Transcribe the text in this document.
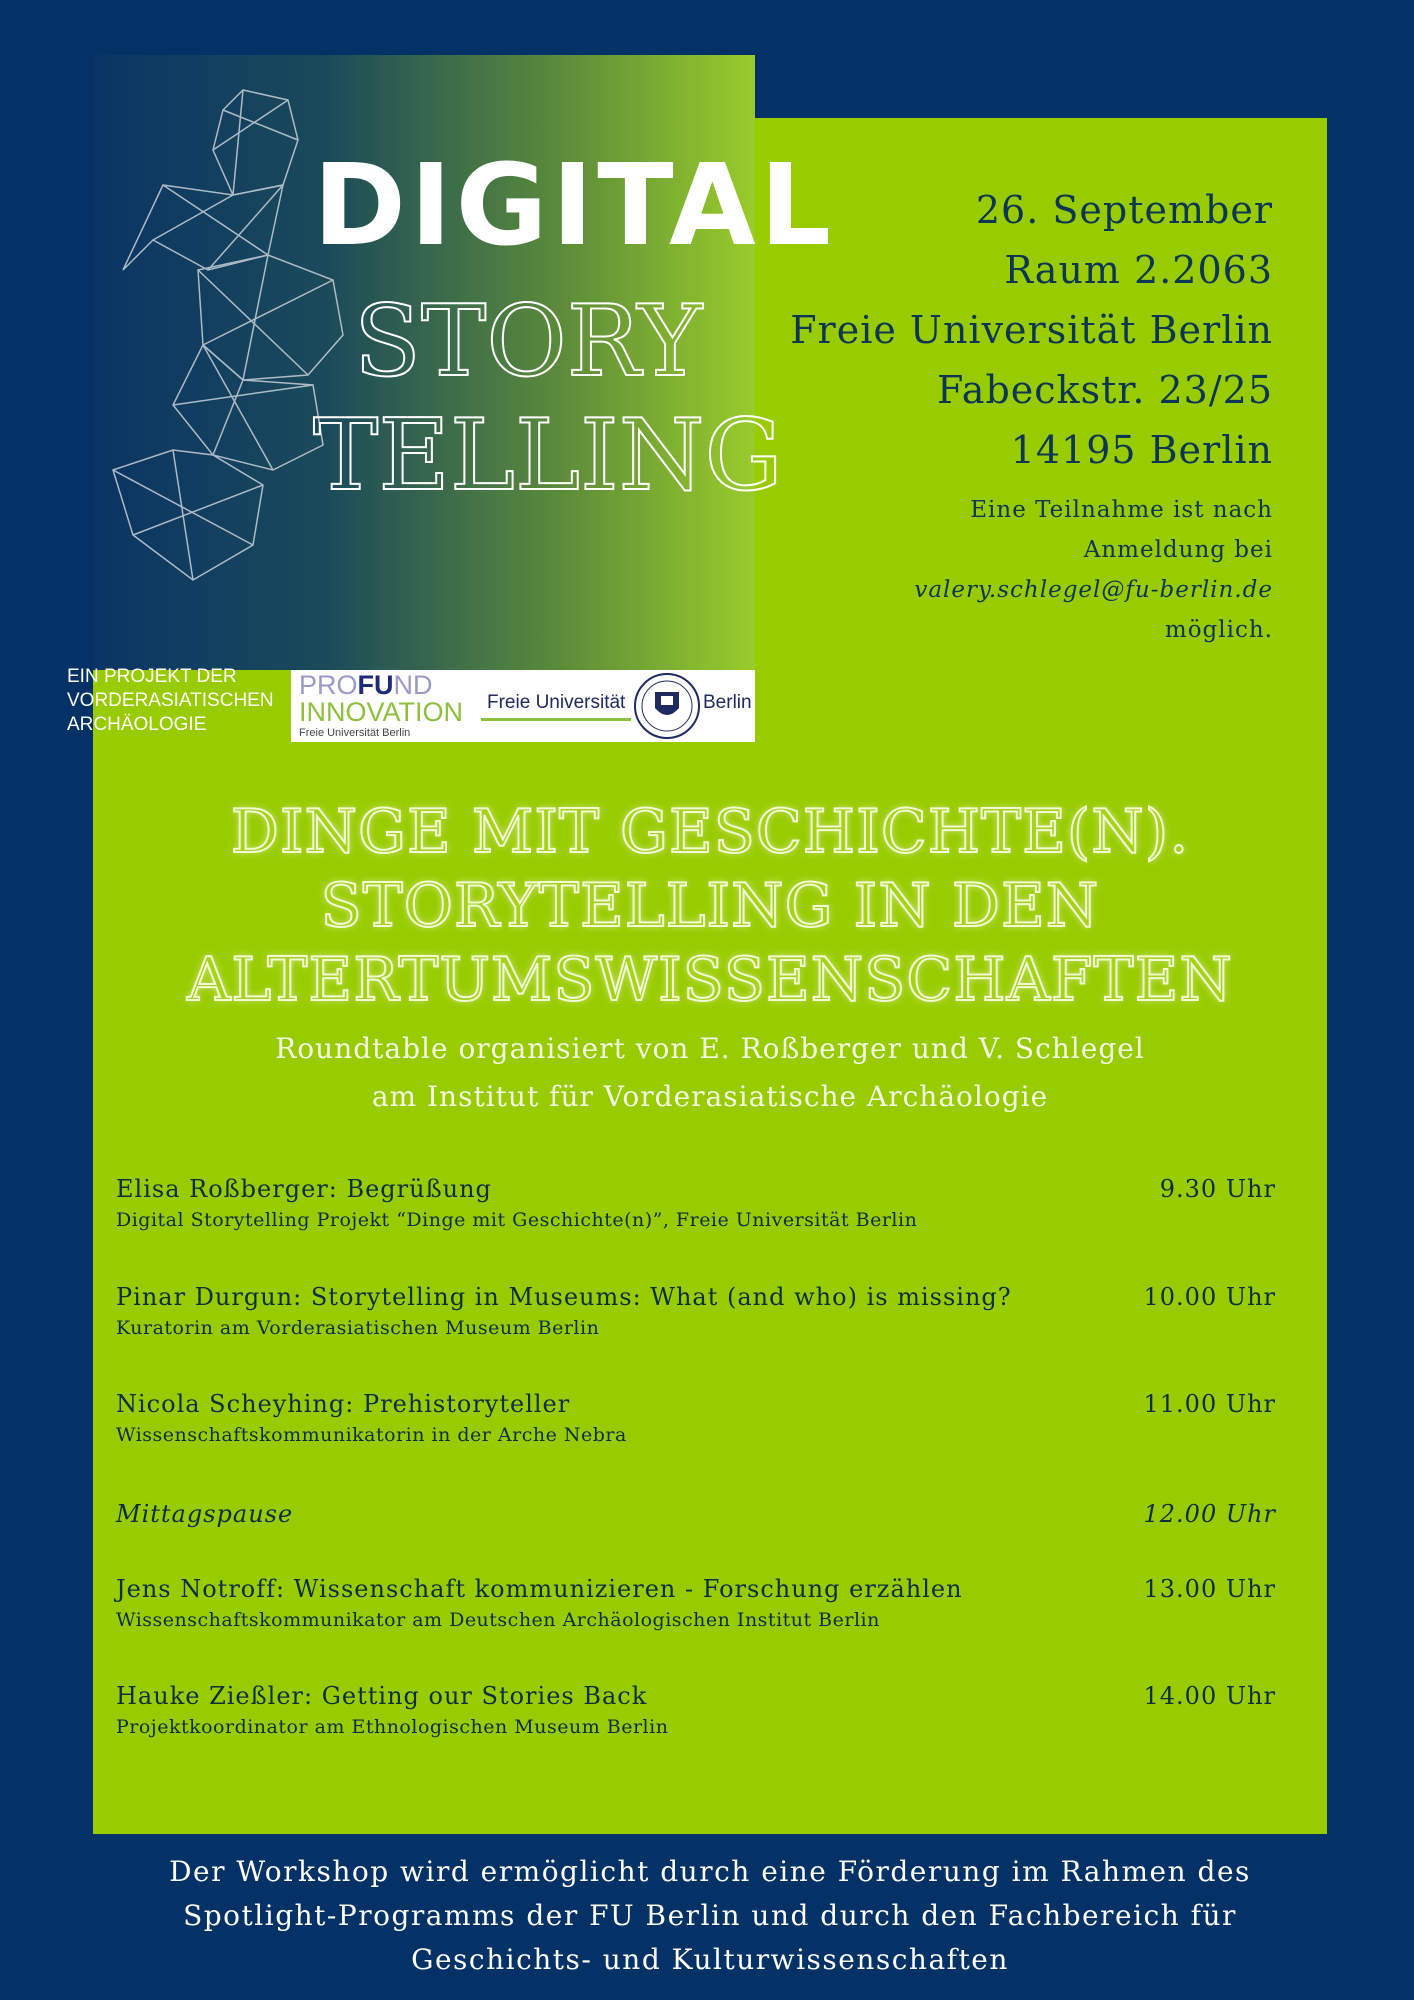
DIGITAL
STORY
TELLING
EIN PROJEKT DER
VORDERASIATISCHEN
ARCHÄOLOGIE
PROFUND
INNOVATION
Freie Universität Berlin
Freie Universität	Berlin
26. September
Raum 2.2063
Freie Universität Berlin
Fabeckstr. 23/25
14195 Berlin
Eine Teilnahme ist nach
Anmeldung bei
valery.schlegel@fu-berlin.de
möglich.
DINGE MIT GESCHICHTE(N).
STORYTELLING IN DEN
ALTERTUMSWISSENSCHAFTEN
Roundtable organisiert von E. Roßberger und V. Schlegel
am Institut für Vorderasiatische Archäologie
Elisa Roßberger: Begrüßung
Digital Storytelling Projekt “Dinge mit Geschichte(n)”, Freie Universität Berlin
9.30 Uhr
Pinar Durgun: Storytelling in Museums: What (and who) is missing?
Kuratorin am Vorderasiatischen Museum Berlin
10.00 Uhr
Nicola Scheyhing: Prehistoryteller
Wissenschaftskommunikatorin in der Arche Nebra
11.00 Uhr
Mittagspause	12.00 Uhr
Jens Notroff: Wissenschaft kommunizieren - Forschung erzählen
Wissenschaftskommunikator am Deutschen Archäologischen Institut Berlin
13.00 Uhr
Hauke Zießler: Getting our Stories Back
Projektkoordinator am Ethnologischen Museum Berlin
14.00 Uhr
Der Workshop wird ermöglicht durch eine Förderung im Rahmen des
Spotlight-Programms der FU Berlin und durch den Fachbereich für
Geschichts- und Kulturwissenschaften
